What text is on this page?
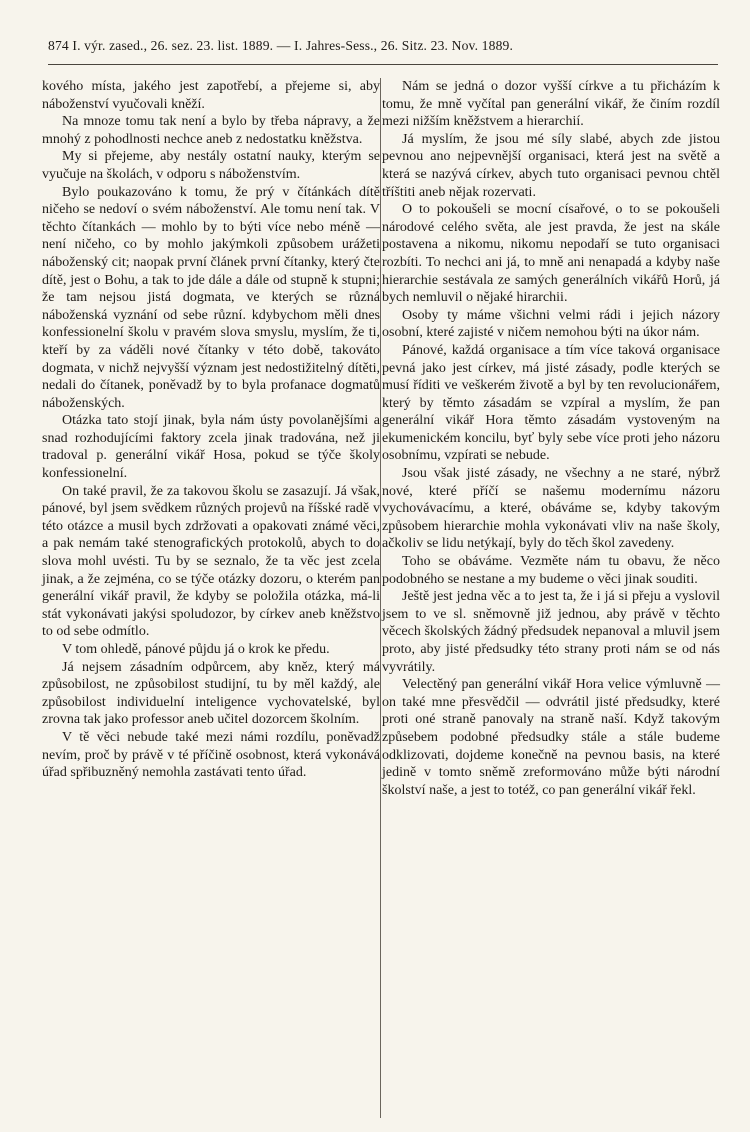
874 I. výr. zased., 26. sez. 23. list. 1889. — I. Jahres-Sess., 26. Sitz. 23. Nov. 1889.

kového místa, jakého jest zapotřebí, a přejeme si, aby náboženství vyučovali kněží.

Na mnoze tomu tak není a bylo by třeba nápravy, a že mnohý z pohodlnosti nechce aneb z nedostatku kněžstva.

My si přejeme, aby nestály ostatní nauky, kterým se vyučuje na školách, v odporu s náboženstvím.

Bylo poukazováno k tomu, že prý v čítánkách dítě ničeho se nedoví o svém náboženství. Ale tomu není tak. V těchto čítankách — mohlo by to býti více nebo méně — není ničeho, co by mohlo jakýmkoli způsobem urážeti náboženský cit; naopak první článek první čítanky, který čte dítě, jest o Bohu, a tak to jde dále a dále od stupně k stupni; že tam nejsou jistá dogmata, ve kterých se různá náboženská vyznání od sebe různí. kdybychom měli dnes konfessionelní školu v pravém slova smyslu, myslím, že ti, kteří by za váděli nové čítanky v této době, takováto dogmata, v nichž nejvyšší význam jest nedostižitelný dítěti, nedali do čítanek, poněvadž by to byla profanace dogmatů náboženských.

Otázka tato stojí jinak, byla nám ústy povolanějšími a snad rozhodujícími faktory zcela jinak tradována, než ji tradoval p. generální vikář Hosa, pokud se týče školy konfessionelní.

On také pravil, že za takovou školu se zasazují. Já však, pánové, byl jsem svědkem různých projevů na říšské radě v této otázce a musil bych zdržovati a opakovati známé věci, a pak nemám také stenografických protokolů, abych to do slova mohl uvésti. Tu by se seznalo, že ta věc jest zcela jinak, a že zejména, co se týče otázky dozoru, o kterém pan generální vikář pravil, že kdyby se položila otázka, má-li stát vykonávati jakýsi spoludozor, by církev aneb kněžstvo to od sebe odmítlo.

V tom ohledě, pánové půjdu já o krok ke předu.

Já nejsem zásadním odpůrcem, aby kněz, který má způsobilost, ne způsobilost studijní, tu by měl každý, ale způsobilost individuelní inteligence vychovatelské, byl zrovna tak jako professor aneb učitel dozorcem školním.

V tě věci nebude také mezi námi rozdílu, poněvadž nevím, proč by právě v té příčině osobnost, která vykonává úřad spřibuzněný nemohla zastávati tento úřad.

Nám se jedná o dozor vyšší církve a tu přicházím k tomu, že mně vyčítal pan generální vikář, že činím rozdíl mezi nižším kněžstvem a hierarchií.

Já myslím, že jsou mé síly slabé, abych zde jistou pevnou ano nejpevnější organisaci, která jest na světě a která se nazývá církev, abych tuto organisaci pevnou chtěl tříštiti aneb nějak rozervati.

O to pokoušeli se mocní císařové, o to se pokoušeli národové celého světa, ale jest pravda, že jest na skále postavena a nikomu, nikomu nepodaří se tuto organisaci rozbíti. To nechci ani já, to mně ani nenapadá a kdyby naše hierarchie sestávala ze samých generálních vikářů Horů, já bych nemluvil o nějaké hirarchii.

Osoby ty máme všichni velmi rádi i jejich názory osobní, které zajisté v ničem nemohou býti na úkor nám.

Pánové, každá organisace a tím více taková organisace pevná jako jest církev, má jisté zásady, podle kterých se musí říditi ve veškerém životě a byl by ten revolucionářem, který by těmto zásadám se vzpíral a myslím, že pan generální vikář Hora těmto zásadám vystoveným na ekumenickém koncilu, byť byly sebe více proti jeho názoru osobnímu, vzpírati se nebude.

Jsou však jisté zásady, ne všechny a ne staré, nýbrž nové, které příčí se našemu modernímu názoru vychovávacímu, a které, obáváme se, kdyby takovým způsobem hierarchie mohla vykonávati vliv na naše školy, ačkoliv se lidu netýkají, byly do těch škol zavedeny.

Toho se obáváme. Vezměte nám tu obavu, že něco podobného se nestane a my budeme o věci jinak souditi.

Ještě jest jedna věc a to jest ta, že i já si přeju a vyslovil jsem to ve sl. sněmovně již jednou, aby právě v těchto věcech školských žádný předsudek nepanoval a mluvil jsem proto, aby jisté předsudky této strany proti nám se od nás vyvrátily.

Velectěný pan generální vikář Hora velice výmluvně — on také mne přesvědčil — odvrátil jisté předsudky, které proti oné straně panovaly na straně naší. Když takovým způsebem podobné předsudky stále a stále budeme odklizovati, dojdeme konečně na pevnou basis, na které jedině v tomto sněmě zreformováno může býti národní školství naše, a jest to totéž, co pan generální vikář řekl.
